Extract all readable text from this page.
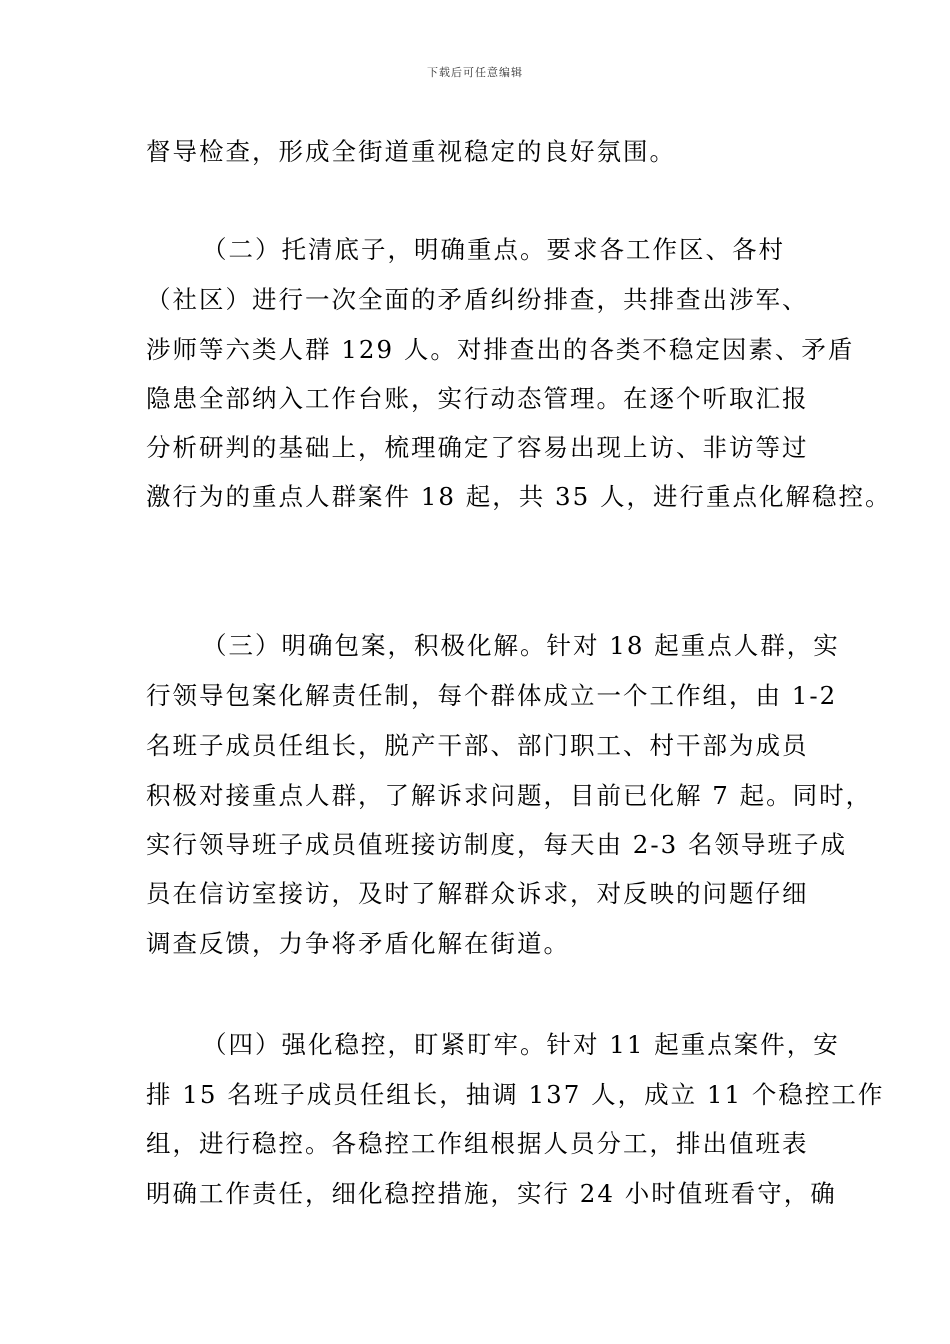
下载后可任意编辑
督导检查，形成全街道重视稳定的良好氛围。
（二）托清底子，明确重点。要求各工作区、各村
（社区）进行一次全面的矛盾纠纷排查，共排查出涉军、
涉师等六类人群 129 人。对排查出的各类不稳定因素、矛盾
隐患全部纳入工作台账，实行动态管理。在逐个听取汇报
分析研判的基础上，梳理确定了容易出现上访、非访等过
激行为的重点人群案件 18 起，共 35 人，进行重点化解稳控。
（三）明确包案，积极化解。针对 18 起重点人群，实
行领导包案化解责任制，每个群体成立一个工作组，由 1-2
名班子成员任组长，脱产干部、部门职工、村干部为成员
积极对接重点人群，了解诉求问题，目前已化解 7 起。同时，
实行领导班子成员值班接访制度，每天由 2-3 名领导班子成
员在信访室接访，及时了解群众诉求，对反映的问题仔细
调查反馈，力争将矛盾化解在街道。
（四）强化稳控，盯紧盯牢。针对 11 起重点案件，安
排 15 名班子成员任组长，抽调 137 人，成立 11 个稳控工作
组，进行稳控。各稳控工作组根据人员分工，排出值班表
明确工作责任，细化稳控措施，实行 24 小时值班看守，确
